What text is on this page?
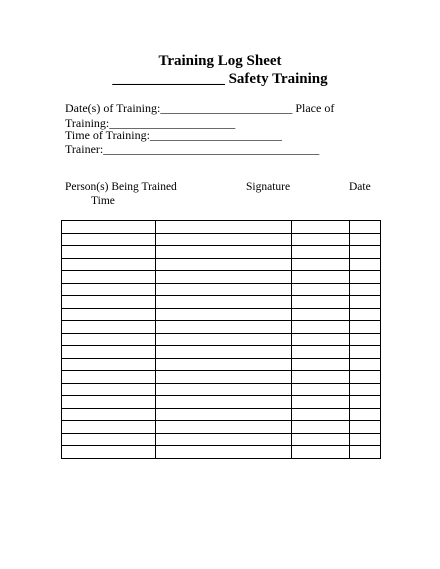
Training Log Sheet
_______________ Safety Training
Date(s) of Training:______________________ Place of
Training:_____________________
Time of Training:______________________
Trainer:____________________________________
Person(s) Being Trained	Signature	Date
Time
